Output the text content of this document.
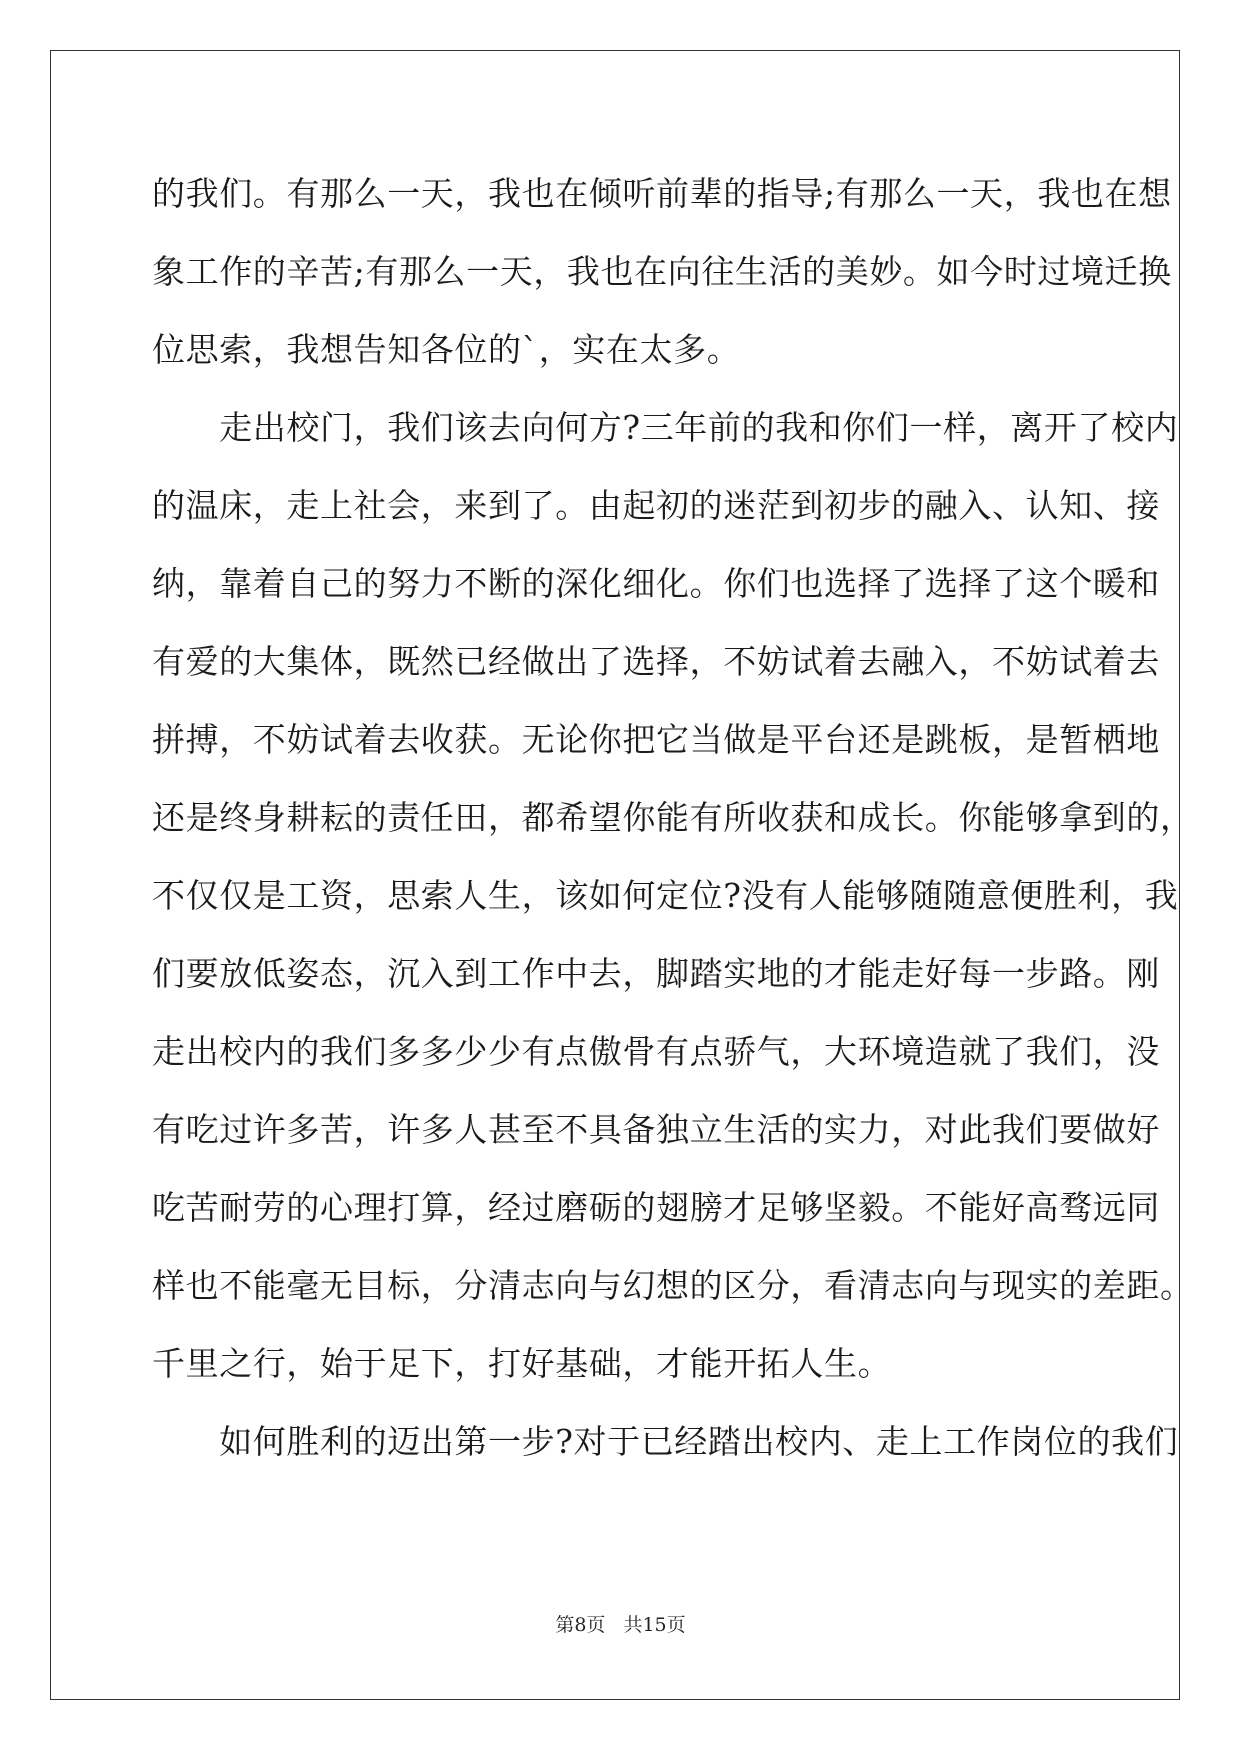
的我们。有那么一天，我也在倾听前辈的指导;有那么一天，我也在想
象工作的辛苦;有那么一天，我也在向往生活的美妙。如今时过境迁换
位思索，我想告知各位的`，实在太多。
　　走出校门，我们该去向何方?三年前的我和你们一样，离开了校内
的温床，走上社会，来到了。由起初的迷茫到初步的融入、认知、接
纳，靠着自己的努力不断的深化细化。你们也选择了选择了这个暖和
有爱的大集体，既然已经做出了选择，不妨试着去融入，不妨试着去
拼搏，不妨试着去收获。无论你把它当做是平台还是跳板，是暂栖地
还是终身耕耘的责任田，都希望你能有所收获和成长。你能够拿到的，
不仅仅是工资，思索人生，该如何定位?没有人能够随随意便胜利，我
们要放低姿态，沉入到工作中去，脚踏实地的才能走好每一步路。刚
走出校内的我们多多少少有点傲骨有点骄气，大环境造就了我们，没
有吃过许多苦，许多人甚至不具备独立生活的实力，对此我们要做好
吃苦耐劳的心理打算，经过磨砺的翅膀才足够坚毅。不能好高骛远同
样也不能毫无目标，分清志向与幻想的区分，看清志向与现实的差距。
千里之行，始于足下，打好基础，才能开拓人生。
　　如何胜利的迈出第一步?对于已经踏出校内、走上工作岗位的我们
第8页 共15页
